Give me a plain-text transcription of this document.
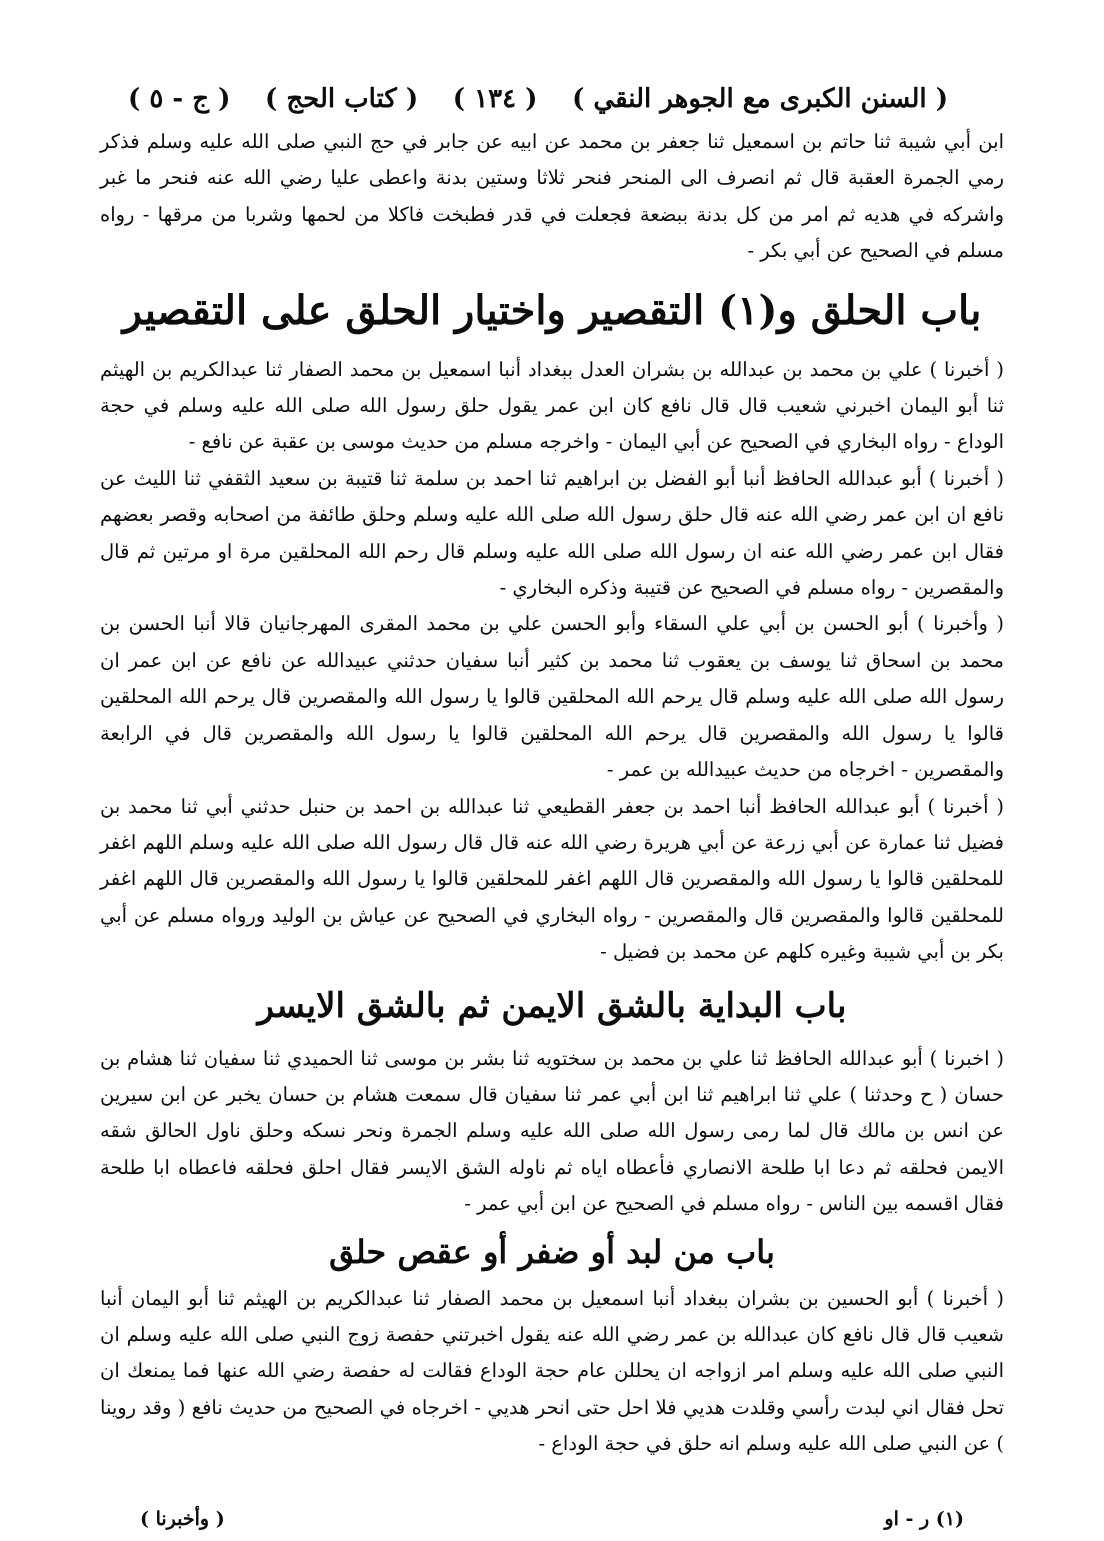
( السنن الكبرى مع الجوهر النقي )
( ١٣٤ )
( كتاب الحج )
( ج - ٥ )

ابن أبي شيبة ثنا حاتم بن اسمعيل ثنا جعفر بن محمد عن ابيه عن جابر في حج النبي صلى الله عليه وسلم فذكر رمي الجمرة العقبة قال ثم انصرف الى المنحر فنحر ثلاثا وستين بدنة واعطى عليا رضي الله عنه فنحر ما غبر واشركه في هديه ثم امر من كل بدنة ببضعة فجعلت في قدر فطبخت فاكلا من لحمها وشربا من مرقها - رواه مسلم في الصحيح عن أبي بكر -

باب الحلق و(١) التقصير واختيار الحلق على التقصير

( أخبرنا ) علي بن محمد بن عبدالله بن بشران العدل ببغداد أنبا اسمعيل بن محمد الصفار ثنا عبدالكريم بن الهيثم ثنا أبو اليمان اخبرني شعيب قال قال نافع كان ابن عمر يقول حلق رسول الله صلى الله عليه وسلم في حجة الوداع - رواه البخاري في الصحيح عن أبي اليمان - واخرجه مسلم من حديث موسى بن عقبة عن نافع -

( أخبرنا ) أبو عبدالله الحافظ أنبا أبو الفضل بن ابراهيم ثنا احمد بن سلمة ثنا قتيبة بن سعيد الثقفي ثنا الليث عن نافع ان ابن عمر رضي الله عنه قال حلق رسول الله صلى الله عليه وسلم وحلق طائفة من اصحابه وقصر بعضهم فقال ابن عمر رضي الله عنه ان رسول الله صلى الله عليه وسلم قال رحم الله المحلقين مرة او مرتين ثم قال والمقصرين - رواه مسلم في الصحيح عن قتيبة وذكره البخاري -

( وأخبرنا ) أبو الحسن بن أبي علي السقاء وأبو الحسن علي بن محمد المقرى المهرجانيان قالا أنبا الحسن بن محمد بن اسحاق ثنا يوسف بن يعقوب ثنا محمد بن كثير أنبا سفيان حدثني عبيدالله عن نافع عن ابن عمر ان رسول الله صلى الله عليه وسلم قال يرحم الله المحلقين قالوا يا رسول الله والمقصرين قال يرحم الله المحلقين قالوا يا رسول الله والمقصرين قال يرحم الله المحلقين قالوا يا رسول الله والمقصرين قال في الرابعة والمقصرين - اخرجاه من حديث عبيدالله بن عمر -

( أخبرنا ) أبو عبدالله الحافظ أنبا احمد بن جعفر القطيعي ثنا عبدالله بن احمد بن حنبل حدثني أبي ثنا محمد بن فضيل ثنا عمارة عن أبي زرعة عن أبي هريرة رضي الله عنه قال قال رسول الله صلى الله عليه وسلم اللهم اغفر للمحلقين قالوا يا رسول الله والمقصرين قال اللهم اغفر للمحلقين قالوا يا رسول الله والمقصرين قال اللهم اغفر للمحلقين قالوا والمقصرين قال والمقصرين - رواه البخاري في الصحيح عن عياش بن الوليد ورواه مسلم عن أبي بكر بن أبي شيبة وغيره كلهم عن محمد بن فضيل -

باب البداية بالشق الايمن ثم بالشق الايسر

( اخبرنا ) أبو عبدالله الحافظ ثنا علي بن محمد بن سختويه ثنا بشر بن موسى ثنا الحميدي ثنا سفيان ثنا هشام بن حسان ( ح وحدثنا ) علي ثنا ابراهيم ثنا ابن أبي عمر ثنا سفيان قال سمعت هشام بن حسان يخبر عن ابن سيرين عن انس بن مالك قال لما رمى رسول الله صلى الله عليه وسلم الجمرة ونحر نسكه وحلق ناول الحالق شقه الايمن فحلقه ثم دعا ابا طلحة الانصاري فأعطاه اياه ثم ناوله الشق الايسر فقال احلق فحلقه فاعطاه ابا طلحة فقال اقسمه بين الناس - رواه مسلم في الصحيح عن ابن أبي عمر -

باب من لبد أو ضفر أو عقص حلق

( أخبرنا ) أبو الحسين بن بشران ببغداد أنبا اسمعيل بن محمد الصفار ثنا عبدالكريم بن الهيثم ثنا أبو اليمان أنبا شعيب قال قال نافع كان عبدالله بن عمر رضي الله عنه يقول اخبرتني حفصة زوج النبي صلى الله عليه وسلم ان النبي صلى الله عليه وسلم امر ازواجه ان يحللن عام حجة الوداع فقالت له حفصة رضي الله عنها فما يمنعك ان تحل فقال اني لبدت رأسي وقلدت هديي فلا احل حتى انحر هديي - اخرجاه في الصحيح من حديث نافع ( وقد روينا ) عن النبي صلى الله عليه وسلم انه حلق في حجة الوداع -

(١) ر - او
( وأخبرنا )
